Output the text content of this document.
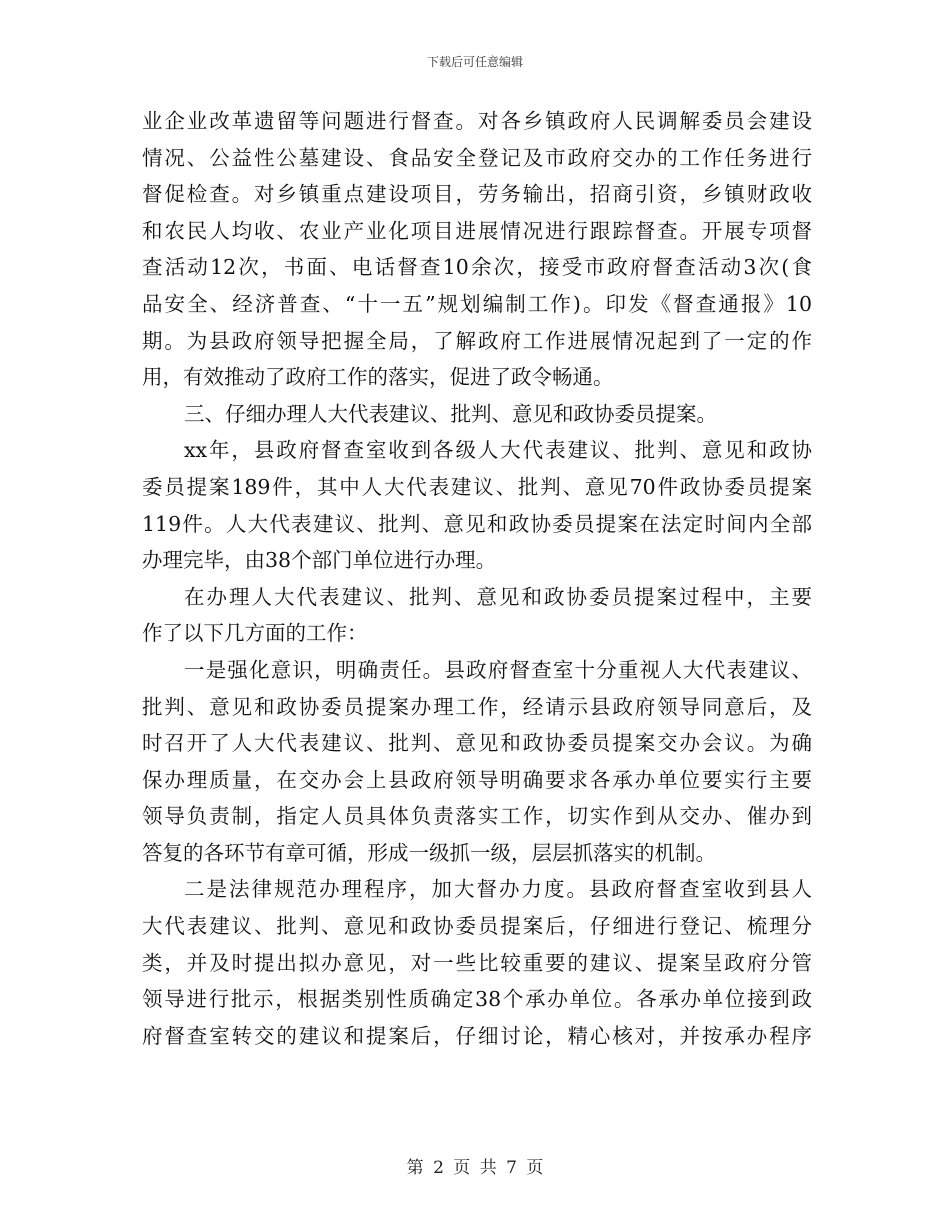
下载后可任意编辑
业企业改革遗留等问题进行督查。对各乡镇政府人民调解委员会建设
情况、公益性公墓建设、食品安全登记及市政府交办的工作任务进行
督促检查。对乡镇重点建设项目，劳务输出，招商引资，乡镇财政收
和农民人均收、农业产业化项目进展情况进行跟踪督查。开展专项督
查活动12次，书面、电话督查10余次，接受市政府督查活动3次(食
品安全、经济普查、“十一五”规划编制工作)。印发《督查通报》10
期。为县政府领导把握全局，了解政府工作进展情况起到了一定的作
用，有效推动了政府工作的落实，促进了政令畅通。
三、仔细办理人大代表建议、批判、意见和政协委员提案。
xx年，县政府督查室收到各级人大代表建议、批判、意见和政协
委员提案189件，其中人大代表建议、批判、意见70件政协委员提案
119件。人大代表建议、批判、意见和政协委员提案在法定时间内全部
办理完毕，由38个部门单位进行办理。
在办理人大代表建议、批判、意见和政协委员提案过程中，主要
作了以下几方面的工作：
一是强化意识，明确责任。县政府督查室十分重视人大代表建议、
批判、意见和政协委员提案办理工作，经请示县政府领导同意后，及
时召开了人大代表建议、批判、意见和政协委员提案交办会议。为确
保办理质量，在交办会上县政府领导明确要求各承办单位要实行主要
领导负责制，指定人员具体负责落实工作，切实作到从交办、催办到
答复的各环节有章可循，形成一级抓一级，层层抓落实的机制。
二是法律规范办理程序，加大督办力度。县政府督查室收到县人
大代表建议、批判、意见和政协委员提案后，仔细进行登记、梳理分
类，并及时提出拟办意见，对一些比较重要的建议、提案呈政府分管
领导进行批示，根据类别性质确定38个承办单位。各承办单位接到政
府督查室转交的建议和提案后，仔细讨论，精心核对，并按承办程序
第 2 页 共 7 页
